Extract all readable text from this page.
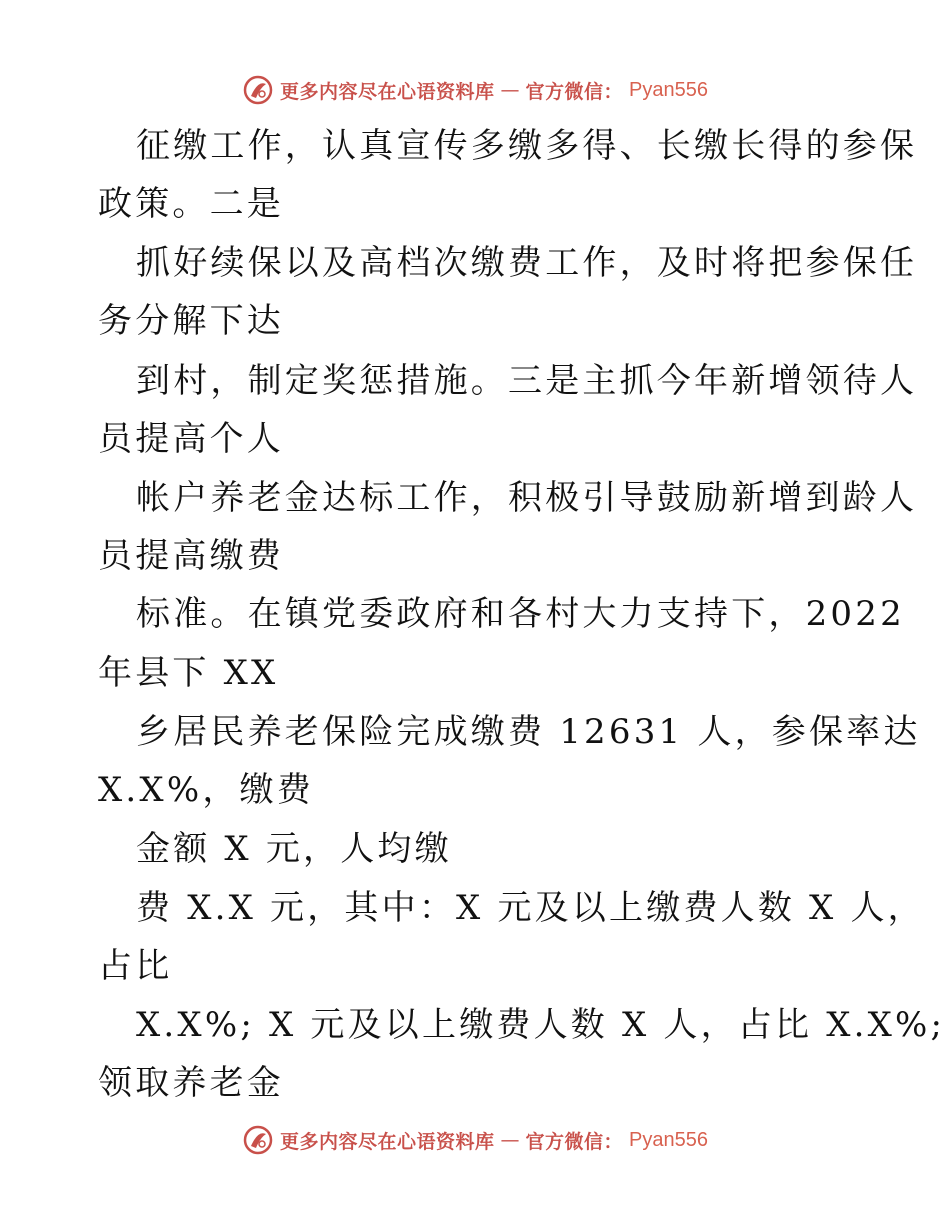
更多内容尽在心语资料库 — 官方微信： Pyan556
征缴工作，认真宣传多缴多得、长缴长得的参保
政策。二是
抓好续保以及高档次缴费工作，及时将把参保任
务分解下达
到村，制定奖惩措施。三是主抓今年新增领待人
员提高个人
帐户养老金达标工作，积极引导鼓励新增到龄人
员提高缴费
标准。在镇党委政府和各村大力支持下，2022
年县下 XX
乡居民养老保险完成缴费 12631 人，参保率达
X.X%，缴费
金额 X 元，人均缴
费 X.X 元，其中：X 元及以上缴费人数 X 人，
占比
X.X%; X 元及以上缴费人数 X 人，占比 X.X%;
领取养老金
更多内容尽在心语资料库 — 官方微信： Pyan556
